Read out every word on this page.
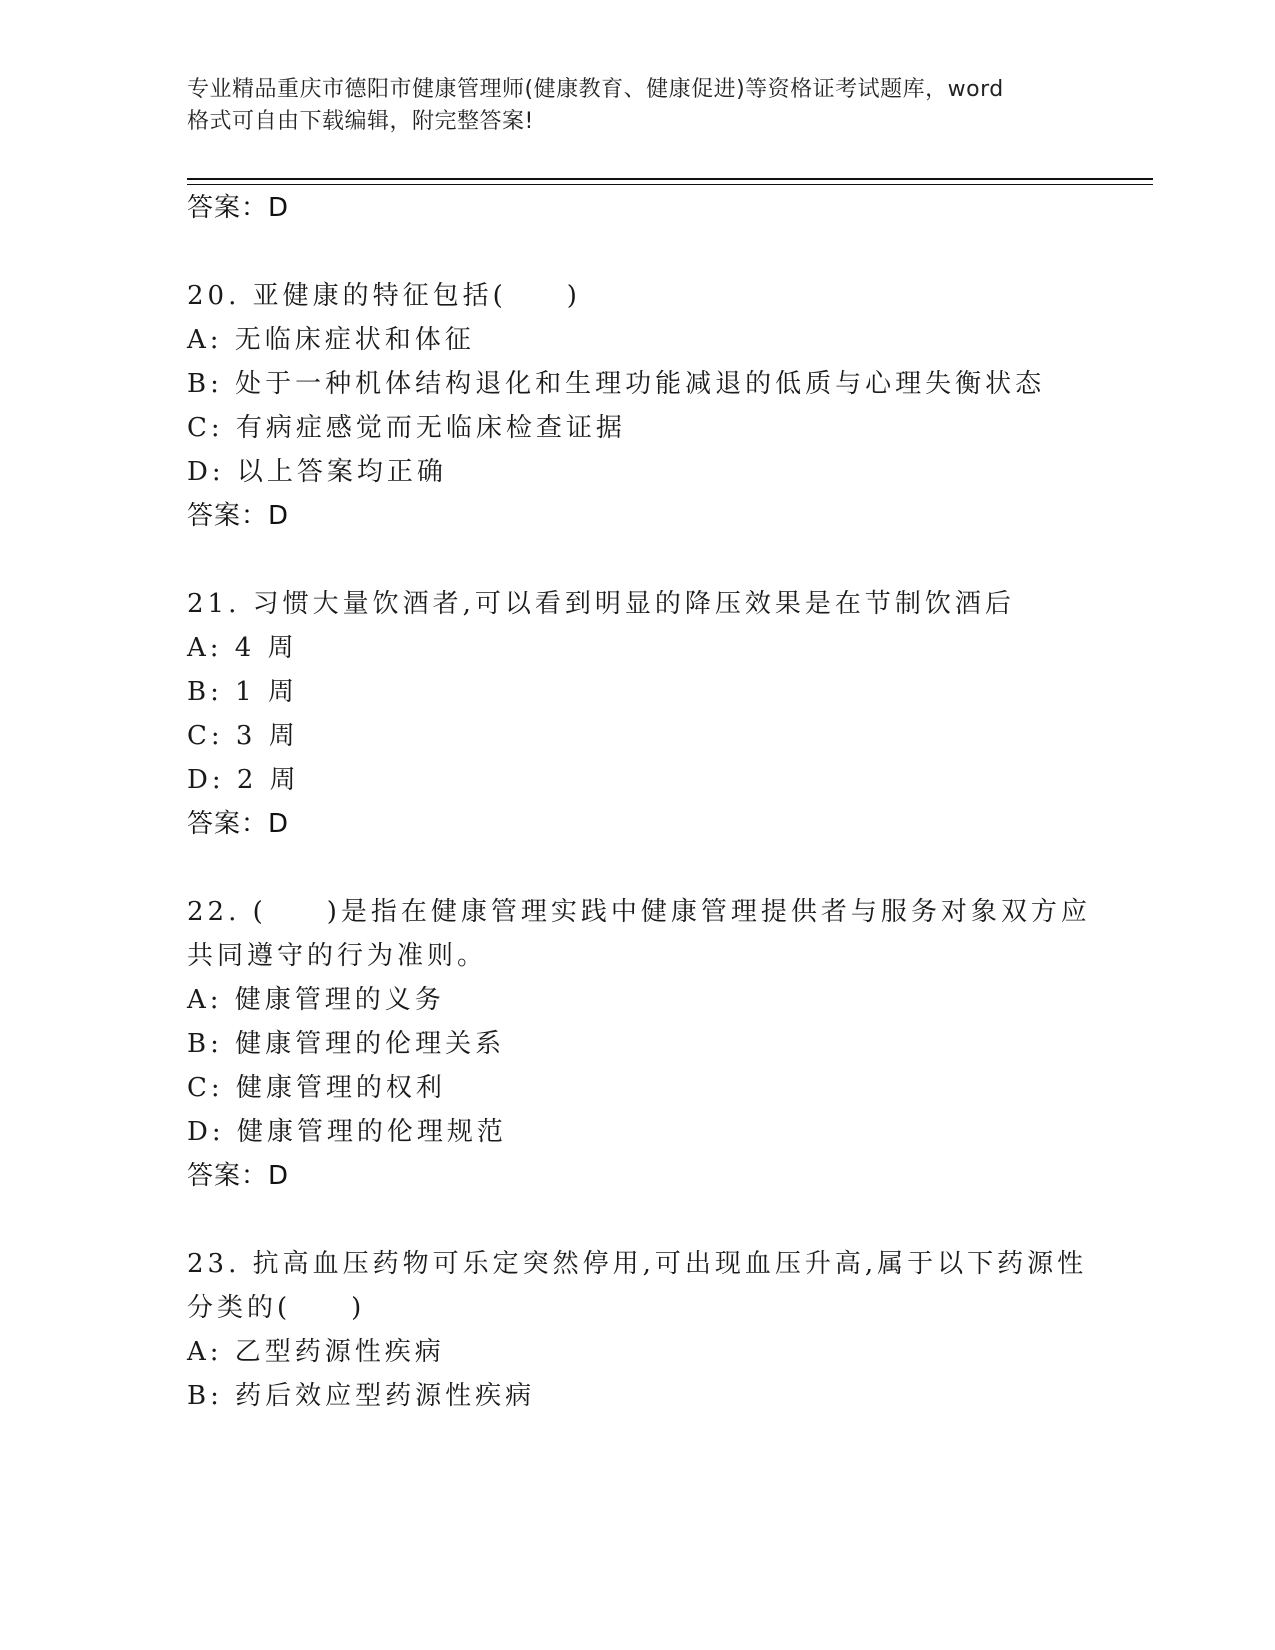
专业精品重庆市德阳市健康管理师(健康教育、健康促进)等资格证考试题库，word
格式可自由下载编辑，附完整答案!
答案：D
20. 亚健康的特征包括(　　)
A: 无临床症状和体征
B: 处于一种机体结构退化和生理功能减退的低质与心理失衡状态
C: 有病症感觉而无临床检查证据
D: 以上答案均正确
答案：D
21. 习惯大量饮酒者,可以看到明显的降压效果是在节制饮酒后
A: 4 周
B: 1 周
C: 3 周
D: 2 周
答案：D
22. (　　)是指在健康管理实践中健康管理提供者与服务对象双方应
共同遵守的行为准则。
A: 健康管理的义务
B: 健康管理的伦理关系
C: 健康管理的权利
D: 健康管理的伦理规范
答案：D
23. 抗高血压药物可乐定突然停用,可出现血压升高,属于以下药源性
分类的(　　)
A: 乙型药源性疾病
B: 药后效应型药源性疾病
